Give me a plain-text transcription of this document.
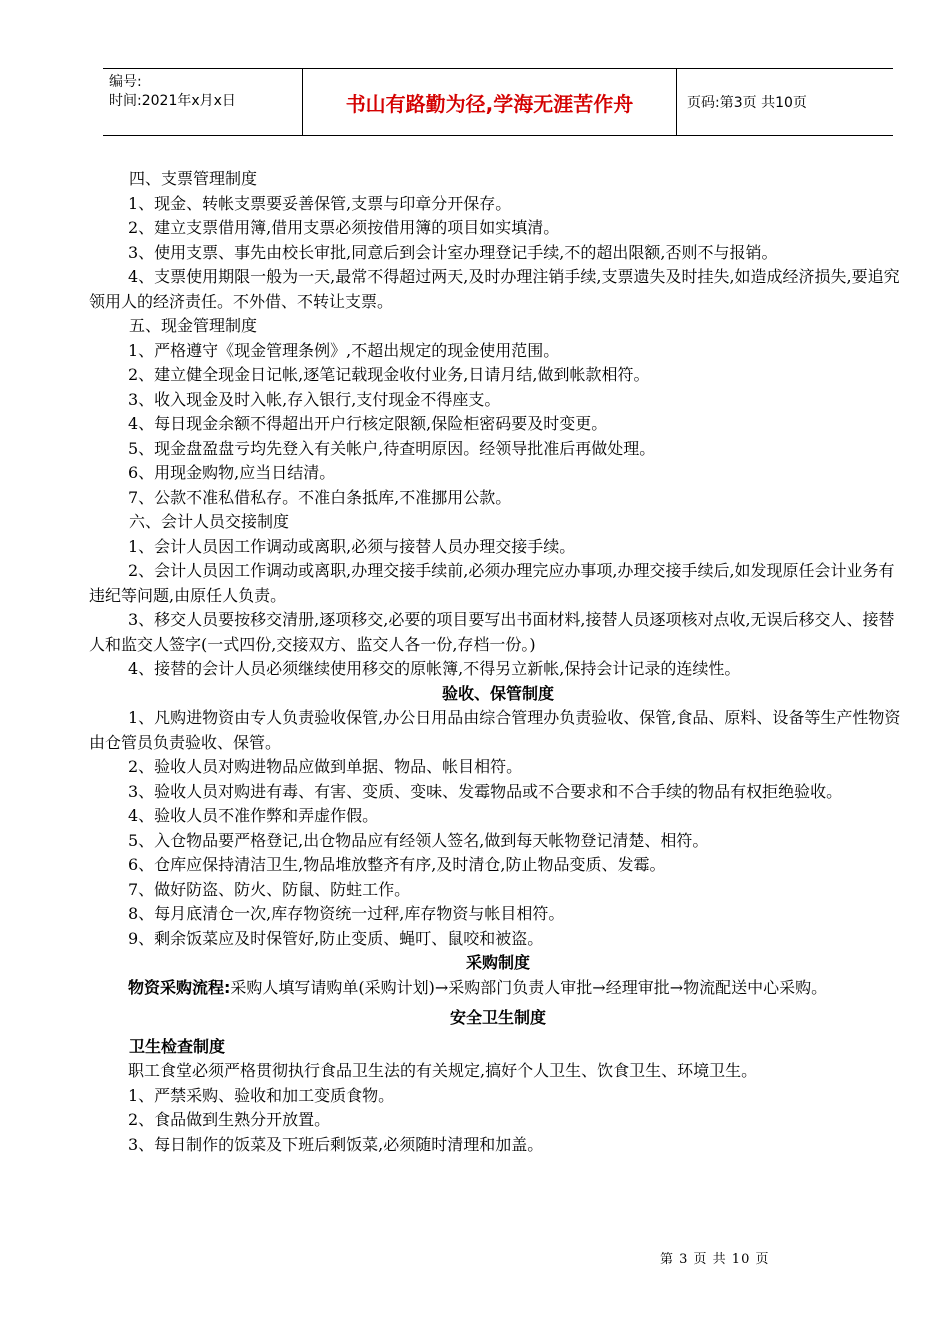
编号:
时间:2021年x月x日	书山有路勤为径,学海无涯苦作舟	页码:第3页 共10页

四、支票管理制度

1、现金、转帐支票要妥善保管,支票与印章分开保存。

2、建立支票借用簿,借用支票必须按借用簿的项目如实填清。

3、使用支票、事先由校长审批,同意后到会计室办理登记手续,不的超出限额,否则不与报销。

4、支票使用期限一般为一天,最常不得超过两天,及时办理注销手续,支票遗失及时挂失,如造成经济损失,要追究领用人的经济责任。不外借、不转让支票。

五、现金管理制度

1、严格遵守《现金管理条例》,不超出规定的现金使用范围。

2、建立健全现金日记帐,逐笔记载现金收付业务,日请月结,做到帐款相符。

3、收入现金及时入帐,存入银行,支付现金不得座支。

4、每日现金余额不得超出开户行核定限额,保险柜密码要及时变更。

5、现金盘盈盘亏均先登入有关帐户,待查明原因。经领导批准后再做处理。

6、用现金购物,应当日结清。

7、公款不准私借私存。不准白条抵库,不准挪用公款。

六、会计人员交接制度

1、会计人员因工作调动或离职,必须与接替人员办理交接手续。

2、会计人员因工作调动或离职,办理交接手续前,必须办理完应办事项,办理交接手续后,如发现原任会计业务有违纪等问题,由原任人负责。

3、移交人员要按移交清册,逐项移交,必要的项目要写出书面材料,接替人员逐项核对点收,无误后移交人、接替人和监交人签字(一式四份,交接双方、监交人各一份,存档一份。)

4、接替的会计人员必须继续使用移交的原帐簿,不得另立新帐,保持会计记录的连续性。

验收、保管制度

1、凡购进物资由专人负责验收保管,办公日用品由综合管理办负责验收、保管,食品、原料、设备等生产性物资由仓管员负责验收、保管。

2、验收人员对购进物品应做到单据、物品、帐目相符。

3、验收人员对购进有毒、有害、变质、变味、发霉物品或不合要求和不合手续的物品有权拒绝验收。

4、验收人员不准作弊和弄虚作假。

5、入仓物品要严格登记,出仓物品应有经领人签名,做到每天帐物登记清楚、相符。

6、仓库应保持清洁卫生,物品堆放整齐有序,及时清仓,防止物品变质、发霉。

7、做好防盗、防火、防鼠、防蛀工作。

8、每月底清仓一次,库存物资统一过秤,库存物资与帐目相符。

9、剩余饭菜应及时保管好,防止变质、蝇叮、鼠咬和被盗。

采购制度

物资采购流程:采购人填写请购单(采购计划)→采购部门负责人审批→经理审批→物流配送中心采购。

安全卫生制度

卫生检查制度

职工食堂必须严格贯彻执行食品卫生法的有关规定,搞好个人卫生、饮食卫生、环境卫生。

1、严禁采购、验收和加工变质食物。

2、食品做到生熟分开放置。

3、每日制作的饭菜及下班后剩饭菜,必须随时清理和加盖。

第 3 页 共 10 页
